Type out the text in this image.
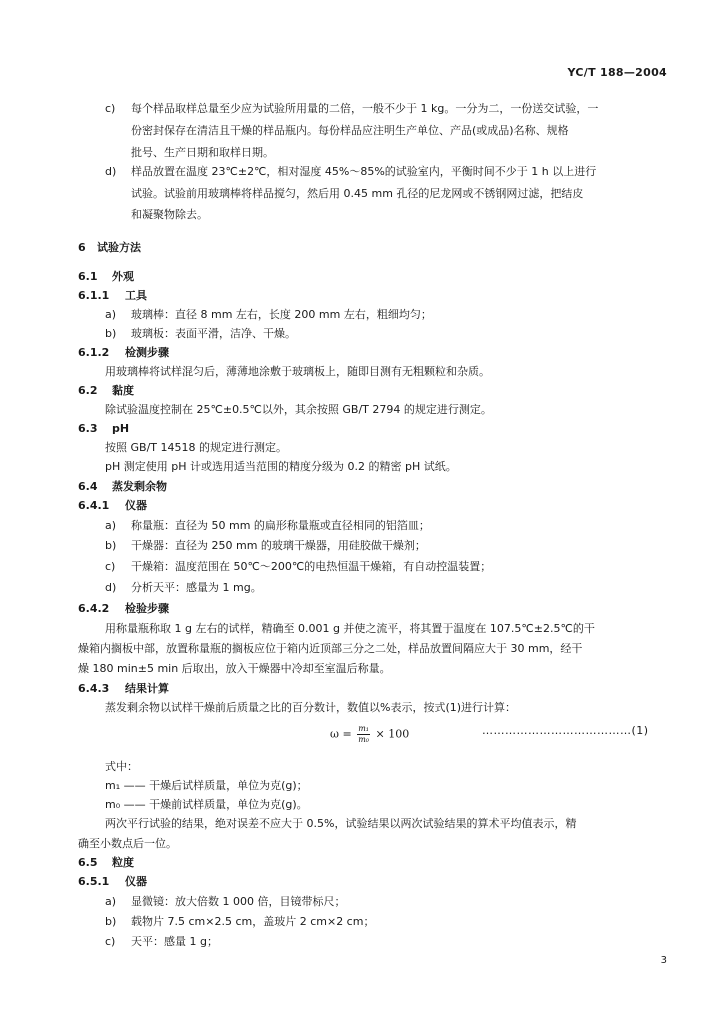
YC/T 188—2004
c) 每个样品取样总量至少应为试验所用量的二倍，一般不少于 1 kg。一分为二，一份送交试验，一
份密封保存在清洁且干燥的样品瓶内。每份样品应注明生产单位、产品(或成品)名称、规格
批号、生产日期和取样日期。
d) 样品放置在温度 23℃±2℃，相对湿度 45%～85%的试验室内，平衡时间不少于 1 h 以上进行
试验。试验前用玻璃棒将样品搅匀，然后用 0.45 mm 孔径的尼龙网或不锈钢网过滤，把结皮
和凝聚物除去。
6 试验方法
6.1 外观
6.1.1 工具
a) 玻璃棒：直径 8 mm 左右，长度 200 mm 左右，粗细均匀；
b) 玻璃板：表面平滑，洁净、干燥。
6.1.2 检测步骤
用玻璃棒将试样混匀后，薄薄地涂敷于玻璃板上，随即目测有无粗颗粒和杂质。
6.2 黏度
除试验温度控制在 25℃±0.5℃以外，其余按照 GB/T 2794 的规定进行测定。
6.3 pH
按照 GB/T 14518 的规定进行测定。
pH 测定使用 pH 计或选用适当范围的精度分级为 0.2 的精密 pH 试纸。
6.4 蒸发剩余物
6.4.1 仪器
a) 称量瓶：直径为 50 mm 的扁形称量瓶或直径相同的铝箔皿；
b) 干燥器：直径为 250 mm 的玻璃干燥器，用硅胶做干燥剂；
c) 干燥箱：温度范围在 50℃～200℃的电热恒温干燥箱，有自动控温装置；
d) 分析天平：感量为 1 mg。
6.4.2 检验步骤
用称量瓶称取 1 g 左右的试样，精确至 0.001 g 并使之流平，将其置于温度在 107.5℃±2.5℃的干
燥箱内搁板中部，放置称量瓶的搁板应位于箱内近顶部三分之二处，样品放置间隔应大于 30 mm，经干
燥 180 min±5 min 后取出，放入干燥器中冷却至室温后称量。
6.4.3 结果计算
蒸发剩余物以试样干燥前后质量之比的百分数计，数值以%表示，按式(1)进行计算：
$\omega = \frac{\text{m₁}}{\text{m₀}} \times 100$	…………………………………(1)
式中：
m₁ —— 干燥后试样质量，单位为克(g)；
m₀ —— 干燥前试样质量，单位为克(g)。
两次平行试验的结果，绝对误差不应大于 0.5%，试验结果以两次试验结果的算术平均值表示，精
确至小数点后一位。
6.5 粒度
6.5.1 仪器
a) 显微镜：放大倍数 1 000 倍，目镜带标尺；
b) 载物片 7.5 cm×2.5 cm，盖玻片 2 cm×2 cm；
c) 天平：感量 1 g；
3
